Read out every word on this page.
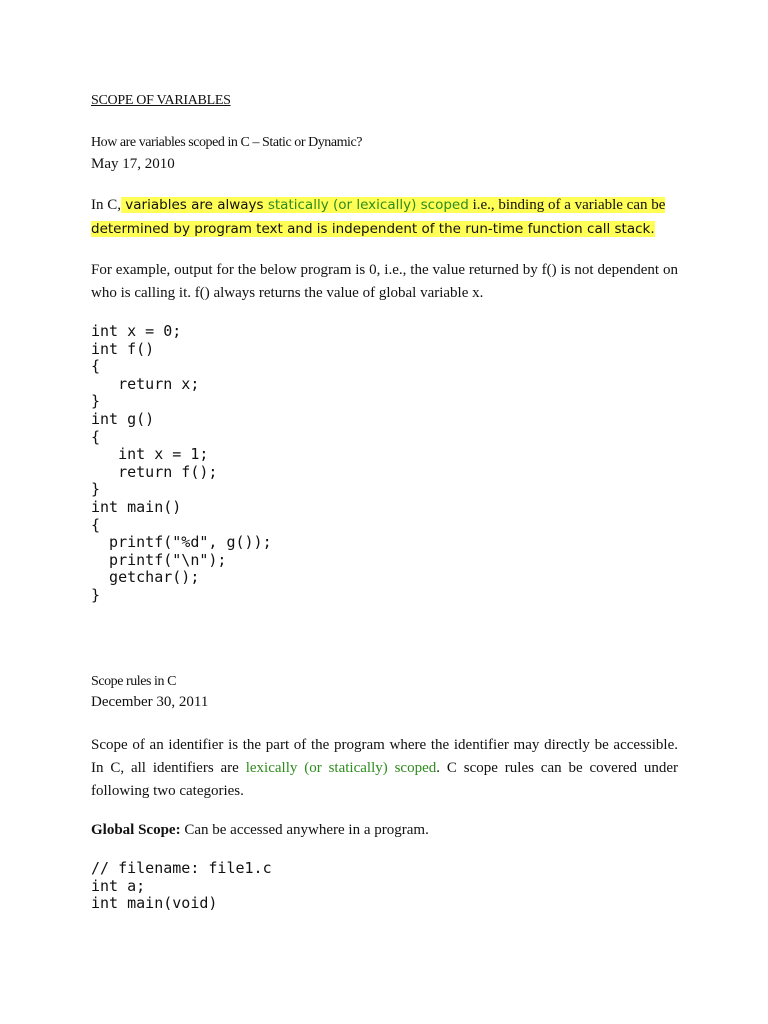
SCOPE OF VARIABLES
How are variables scoped in C – Static or Dynamic?
May 17, 2010
In C, variables are always statically (or lexically) scoped i.e., binding of a variable can be
determined by program text and is independent of the run-time function call stack.
For example, output for the below program is 0, i.e., the value returned by f() is not dependent on who is calling it. f() always returns the value of global variable x.
int x = 0;
int f()
{
return x;
}
int g()
{
int x = 1;
return f();
}
int main()
{
printf("%d", g());
printf("\n");
getchar();
}
Scope rules in C
December 30, 2011
Scope of an identifier is the part of the program where the identifier may directly be accessible. In C, all identifiers are lexically (or statically) scoped. C scope rules can be covered under following two categories.
Global Scope: Can be accessed anywhere in a program.
// filename: file1.c
int a;
int main(void)
